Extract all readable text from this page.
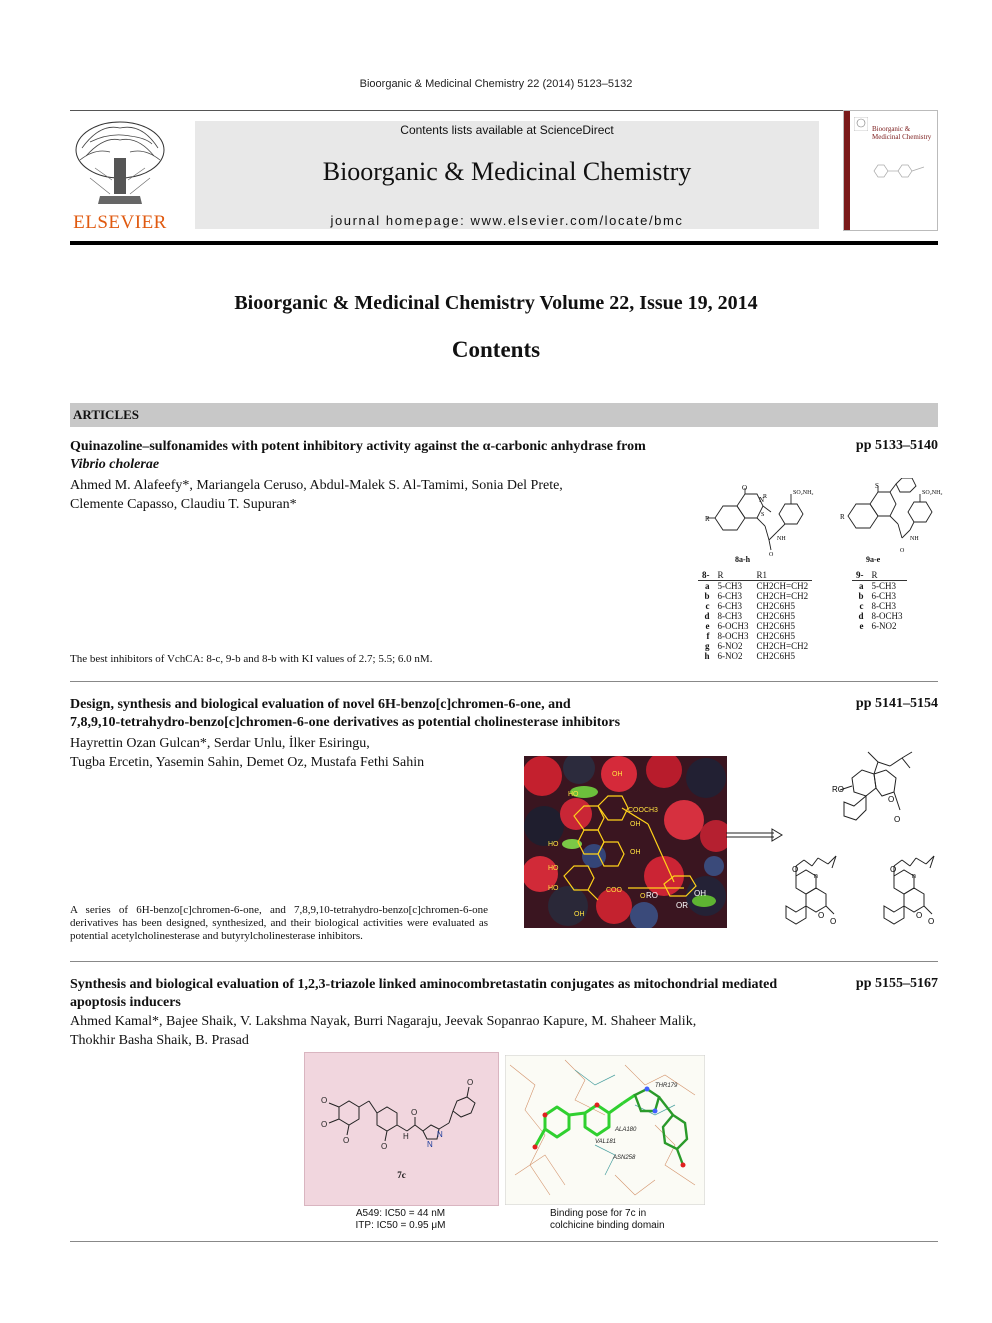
Bioorganic & Medicinal Chemistry 22 (2014) 5123–5132
ELSEVIER
Contents lists available at ScienceDirect
Bioorganic & Medicinal Chemistry
journal homepage: www.elsevier.com/locate/bmc
Bioorganic & Medicinal Chemistry
Bioorganic & Medicinal Chemistry Volume 22, Issue 19, 2014
Contents
ARTICLES
Quinazoline–sulfonamides with potent inhibitory activity against the α-carbonic anhydrase from
Vibrio cholerae
pp 5133–5140
Ahmed M. Alafeefy*, Mariangela Ceruso, Abdul-Malek S. Al-Tamimi, Sonia Del Prete,
Clemente Capasso, Claudiu T. Supuran*
O
N
R
R
SO₂NH₂
NH
O
S
8a-h
S
R
SO₂NH₂
NH
O
9a-e
8-	R	R1
a	5-CH3	CH2CH=CH2
b	6-CH3	CH2CH=CH2
c	6-CH3	CH2C6H5
d	8-CH3	CH2C6H5
e	6-OCH3	CH2C6H5
f	8-OCH3	CH2C6H5
g	6-NO2	CH2CH=CH2
h	6-NO2	CH2C6H5
9-	R
a	5-CH3
b	6-CH3
c	8-CH3
d	8-OCH3
e	6-NO2
The best inhibitors of VchCA: 8-c, 9-b and 8-b with KI values of 2.7; 5.5; 6.0 nM.
Design, synthesis and biological evaluation of novel 6H-benzo[c]chromen-6-one, and
7,8,9,10-tetrahydro-benzo[c]chromen-6-one derivatives as potential cholinesterase inhibitors
pp 5141–5154
Hayrettin Ozan Gulcan*, Serdar Unlu, İlker Esiringu,
Tugba Ercetin, Yasemin Sahin, Demet Oz, Mustafa Fethi Sahin
OH
HO
COOCH3
OH
OH
HO
HO
HO	COO
O
OH
RO
OR
OH
RO
O
O
O
n
O
O
O
n
O
O
A series of 6H-benzo[c]chromen-6-one, and 7,8,9,10-tetrahydro-benzo[c]chromen-6-one derivatives has been designed, synthesized, and their biological activities were evaluated as potential acetylcholinesterase and butyrylcholinesterase inhibitors.
Synthesis and biological evaluation of 1,2,3-triazole linked aminocombretastatin conjugates as mitochondrial mediated
apoptosis inducers
pp 5155–5167
Ahmed Kamal*, Bajee Shaik, V. Lakshma Nayak, Burri Nagaraju, Jeevak Sopanrao Kapure, M. Shaheer Malik,
Thokhir Basha Shaik, B. Prasad
O
O
O
O
O
H
N
N
O
7c
A549: IC50 = 44 nM
ITP: IC50 = 0.95 μM
THR179
VAL181
ALA180
ASN258
Binding pose for 7c in
colchicine binding domain
